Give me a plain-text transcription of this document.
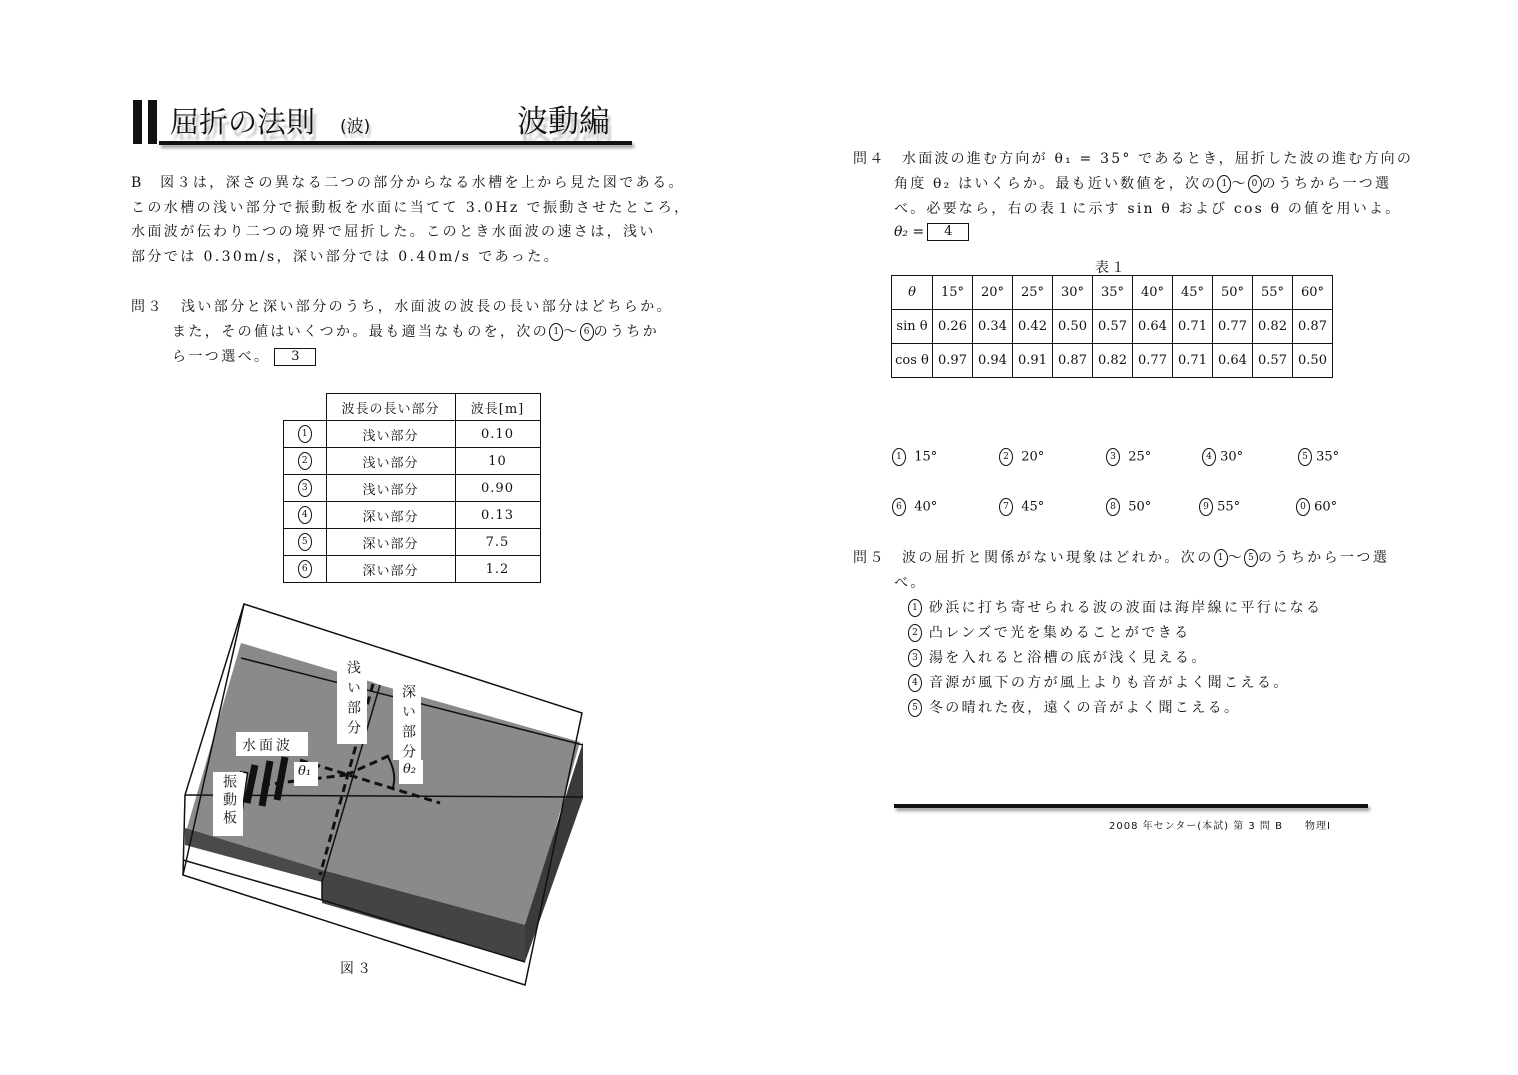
屈折の法則 (波)	波動編
B　図３は，深さの異なる二つの部分からなる水槽を上から見た図である。
この水槽の浅い部分で振動板を水面に当てて 3.0Hz で振動させたところ，
水面波が伝わり二つの境界で屈折した。このとき水面波の速さは，浅い
部分では 0.30m/s，深い部分では 0.40m/s であった。
問３ 浅い部分と深い部分のうち，水面波の波長の長い部分はどちらか。
また，その値はいくつか。最も適当なものを，次の 1 〜 6 のうちか
ら一つ選べ。 3
	波長の長い部分	波長[m]
1	浅い部分	0.10
2	浅い部分	10
3	浅い部分	0.90
4	深い部分	0.13
5	深い部分	7.5
6	深い部分	1.2
浅い部分	深い部分
水面波
振動板
θ₁	θ₂
図３
問４ 水面波の進む方向が θ₁ = 35° であるとき，屈折した波の進む方向の
角度 θ₂ はいくらか。最も近い数値を，次の 1 〜 0 のうちから一つ選
べ。必要なら，右の表１に示す sin θ および cos θ の値を用いよ。
θ₂ = 4
表１
θ	15°	20°	25°	30°	35°	40°	45°	50°	55°	60°
sin θ	0.26	0.34	0.42	0.50	0.57	0.64	0.71	0.77	0.82	0.87
cos θ	0.97	0.94	0.91	0.87	0.82	0.77	0.71	0.64	0.57	0.50
1 15°	2 20°	3 25°	4 30°	5 35°
6 40°	7 45°	8 50°	9 55°	0 60°
問５ 波の屈折と関係がない現象はどれか。次の 1 〜 5 のうちから一つ選
べ。
1 砂浜に打ち寄せられる波の波面は海岸線に平行になる
2 凸レンズで光を集めることができる
3 湯を入れると浴槽の底が浅く見える。
4 音源が風下の方が風上よりも音がよく聞こえる。
5 冬の晴れた夜，遠くの音がよく聞こえる。
2008 年センター(本試) 第 3 問 B　　物理Ⅰ
